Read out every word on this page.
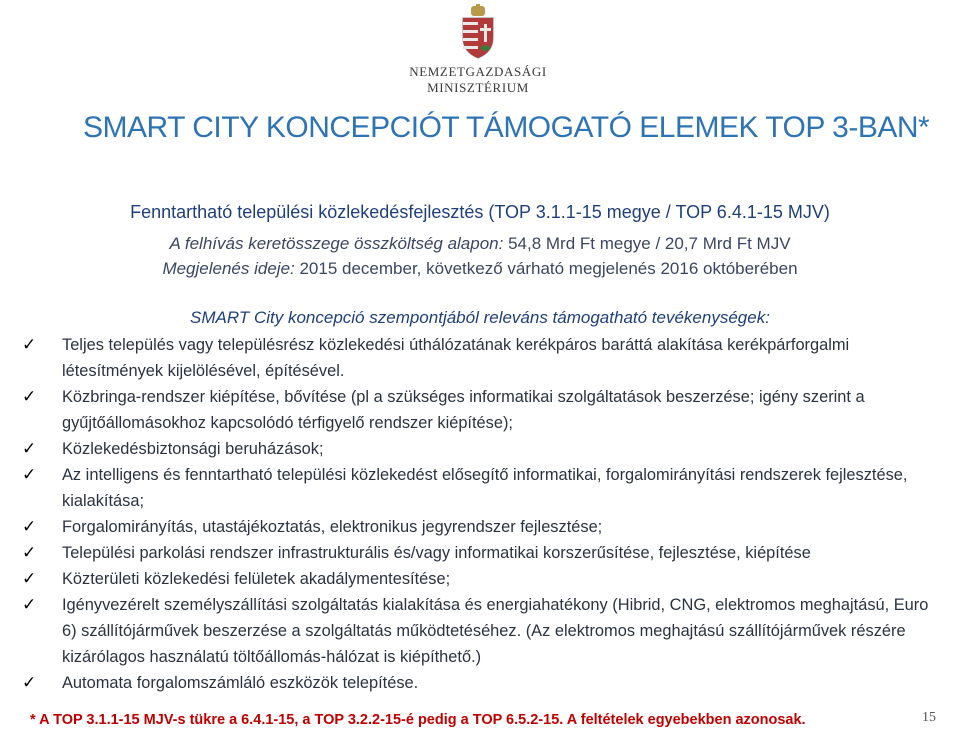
NEMZETGAZDASÁGI
MINISZTÉRIUM
SMART CITY KONCEPCIÓT TÁMOGATÓ ELEMEK TOP 3-BAN*
Fenntartható települési közlekedésfejlesztés (TOP 3.1.1-15 megye / TOP 6.4.1-15 MJV)
A felhívás keretösszege összköltség alapon: 54,8 Mrd Ft megye / 20,7 Mrd Ft MJV
Megjelenés ideje: 2015 december, következő várható megjelenés 2016 októberében
SMART City koncepció szempontjából releváns támogatható tevékenységek:
✓	Teljes település vagy településrész közlekedési úthálózatának kerékpáros baráttá alakítása kerékpárforgalmi létesítmények kijelölésével, építésével.
✓	Közbringa-rendszer kiépítése, bővítése (pl a szükséges informatikai szolgáltatások beszerzése; igény szerint a gyűjtőállomásokhoz kapcsolódó térfigyelő rendszer kiépítése);
✓	Közlekedésbiztonsági beruházások;
✓	Az intelligens és fenntartható települési közlekedést elősegítő informatikai, forgalomirányítási rendszerek fejlesztése, kialakítása;
✓	Forgalomirányítás, utastájékoztatás, elektronikus jegyrendszer fejlesztése;
✓	Települési parkolási rendszer infrastrukturális és/vagy informatikai korszerűsítése, fejlesztése, kiépítése
✓	Közterületi közlekedési felületek akadálymentesítése;
✓	Igényvezérelt személyszállítási szolgáltatás kialakítása és energiahatékony (Hibrid, CNG, elektromos meghajtású, Euro 6) szállítójárművek beszerzése a szolgáltatás működtetéséhez. (Az elektromos meghajtású szállítójárművek részére kizárólagos használatú töltőállomás-hálózat is kiépíthető.)
✓	Automata forgalomszámláló eszközök telepítése.
* A TOP 3.1.1-15 MJV-s tükre a 6.4.1-15, a TOP 3.2.2-15-é pedig a TOP 6.5.2-15. A feltételek egyebekben azonosak.	15
